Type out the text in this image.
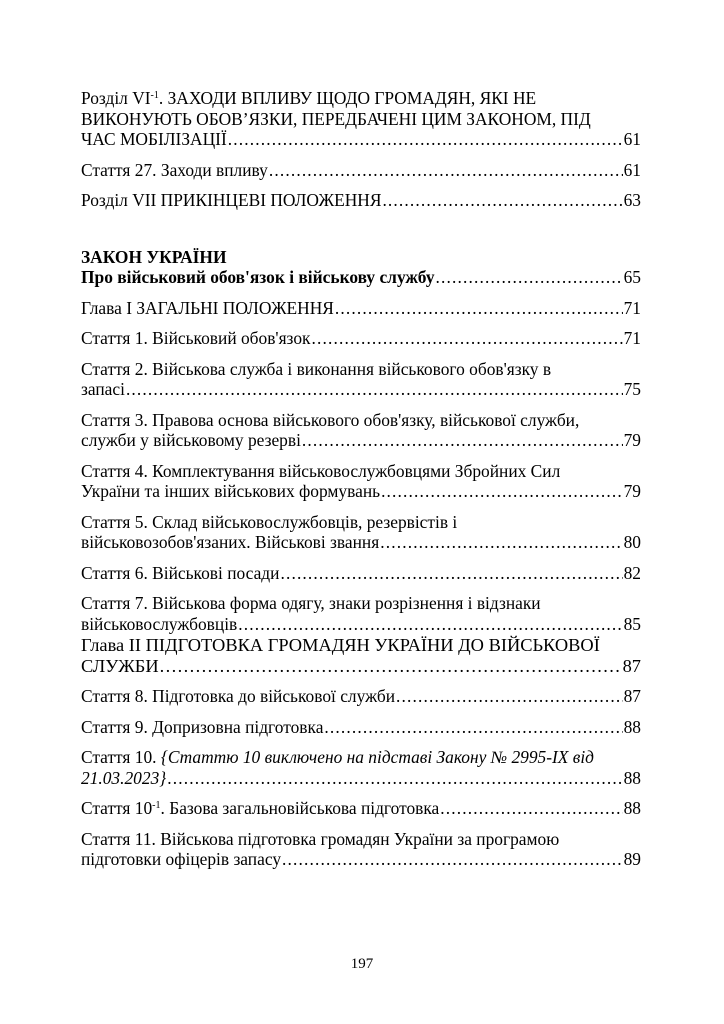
Розділ $VI^{-1}$. ЗАХОДИ ВПЛИВУ ЩОДО ГРОМАДЯН, ЯКІ НЕ
ВИКОНУЮТЬ ОБОВ’ЯЗКИ, ПЕРЕДБАЧЕНІ ЦИМ ЗАКОНОМ, ПІД
ЧАС МОБІЛІЗАЦІЇ . . .	61
Стаття 27. Заходи впливу . . .	61
Розділ VII ПРИКІНЦЕВІ ПОЛОЖЕННЯ . . .	63
ЗАКОН УКРАЇНИ
Про військовий обов'язок і військову службу . . .	65
Глава І ЗАГАЛЬНІ ПОЛОЖЕННЯ . . .	71
Стаття 1. Військовий обов'язок . . .	71
Стаття 2. Військова служба і виконання військового обов'язку в
запасі . . .	75
Стаття 3. Правова основа військового обов'язку, військової служби,
служби у військовому резерві . . .	79
Стаття 4. Комплектування військовослужбовцями Збройних Сил
України та інших військових формувань . . .	79
Стаття 5. Склад військовослужбовців, резервістів і
військовозобов'язаних. Військові звання . . .	80
Стаття 6. Військові посади . . .	82
Стаття 7. Військова форма одягу, знаки розрізнення і відзнаки
військовослужбовців . . .	85
Глава ІІ ПІДГОТОВКА ГРОМАДЯН УКРАЇНИ ДО ВІЙСЬКОВОЇ
СЛУЖБИ . . .	87
Стаття 8. Підготовка до військової служби . . .	87
Стаття 9. Допризовна підготовка . . .	88
Стаття 10. {Статтю 10 виключено на підставі Закону № 2995-IX від
21.03.2023} . . .	88
Стаття $10^{-1}$. Базова загальновійськова підготовка . . .	88
Стаття 11. Військова підготовка громадян України за програмою
підготовки офіцерів запасу . . .	89
197
